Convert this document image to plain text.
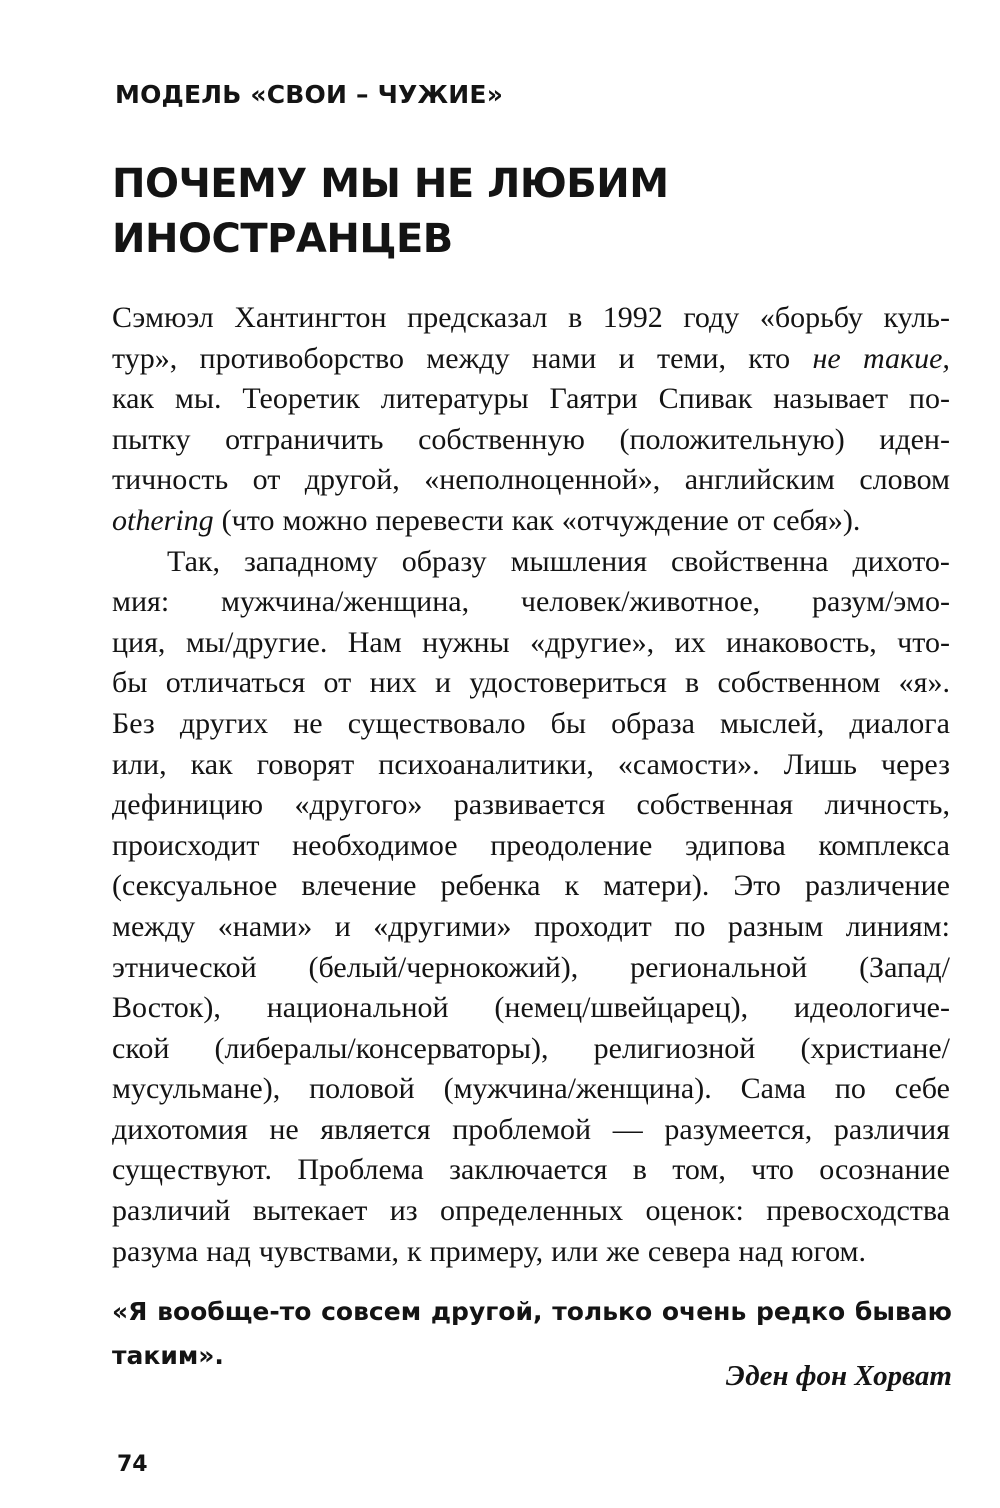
МОДЕЛЬ «СВОИ – ЧУЖИЕ»
ПОЧЕМУ МЫ НЕ ЛЮБИМ
ИНОСТРАНЦЕВ
Сэмюэл Хантингтон предсказал в 1992 году «борьбу куль-
тур», противоборство между нами и теми, кто не такие,
как мы. Теоретик литературы Гаятри Спивак называет по-
пытку отграничить собственную (положительную) иден-
тичность от другой, «неполноценной», английским словом
othering (что можно перевести как «отчуждение от себя»).
Так, западному образу мышления свойственна дихото-
мия: мужчина/женщина, человек/животное, разум/эмо-
ция, мы/другие. Нам нужны «другие», их инаковость, что-
бы отличаться от них и удостовериться в собственном «я».
Без других не существовало бы образа мыслей, диалога
или, как говорят психоаналитики, «самости». Лишь через
дефиницию «другого» развивается собственная личность,
происходит необходимое преодоление эдипова комплекса
(сексуальное влечение ребенка к матери). Это различение
между «нами» и «другими» проходит по разным линиям:
этнической (белый/чернокожий), региональной (Запад/
Восток), национальной (немец/швейцарец), идеологиче-
ской (либералы/консерваторы), религиозной (христиане/
мусульмане), половой (мужчина/женщина). Сама по себе
дихотомия не является проблемой — разумеется, различия
существуют. Проблема заключается в том, что осознание
различий вытекает из определенных оценок: превосходства
разума над чувствами, к примеру, или же севера над югом.
«Я вообще-то совсем другой, только очень редко бываю
таким».
Эден фон Хорват
74
